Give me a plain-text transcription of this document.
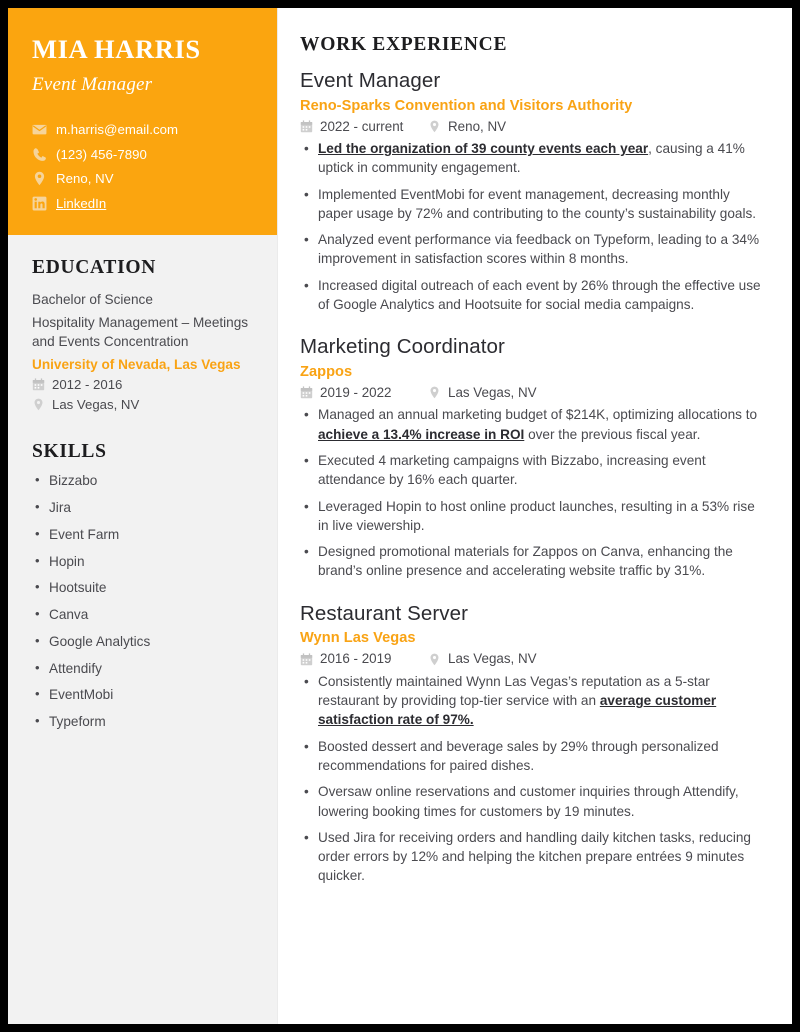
MIA HARRIS
Event Manager
m.harris@email.com
(123) 456-7890
Reno, NV
LinkedIn
EDUCATION
Bachelor of Science
Hospitality Management – Meetings and Events Concentration
University of Nevada, Las Vegas
2012 - 2016
Las Vegas, NV
SKILLS
• Bizzabo
• Jira
• Event Farm
• Hopin
• Hootsuite
• Canva
• Google Analytics
• Attendify
• EventMobi
• Typeform
WORK EXPERIENCE
Event Manager
Reno-Sparks Convention and Visitors Authority
2022 - current	Reno, NV
• Led the organization of 39 county events each year, causing a 41% uptick in community engagement.
• Implemented EventMobi for event management, decreasing monthly paper usage by 72% and contributing to the county’s sustainability goals.
• Analyzed event performance via feedback on Typeform, leading to a 34% improvement in satisfaction scores within 8 months.
• Increased digital outreach of each event by 26% through the effective use of Google Analytics and Hootsuite for social media campaigns.
Marketing Coordinator
Zappos
2019 - 2022	Las Vegas, NV
• Managed an annual marketing budget of $214K, optimizing allocations to achieve a 13.4% increase in ROI over the previous fiscal year.
• Executed 4 marketing campaigns with Bizzabo, increasing event attendance by 16% each quarter.
• Leveraged Hopin to host online product launches, resulting in a 53% rise in live viewership.
• Designed promotional materials for Zappos on Canva, enhancing the brand’s online presence and accelerating website traffic by 31%.
Restaurant Server
Wynn Las Vegas
2016 - 2019	Las Vegas, NV
• Consistently maintained Wynn Las Vegas’s reputation as a 5-star restaurant by providing top-tier service with an average customer satisfaction rate of 97%.
• Boosted dessert and beverage sales by 29% through personalized recommendations for paired dishes.
• Oversaw online reservations and customer inquiries through Attendify, lowering booking times for customers by 19 minutes.
• Used Jira for receiving orders and handling daily kitchen tasks, reducing order errors by 12% and helping the kitchen prepare entrées 9 minutes quicker.
